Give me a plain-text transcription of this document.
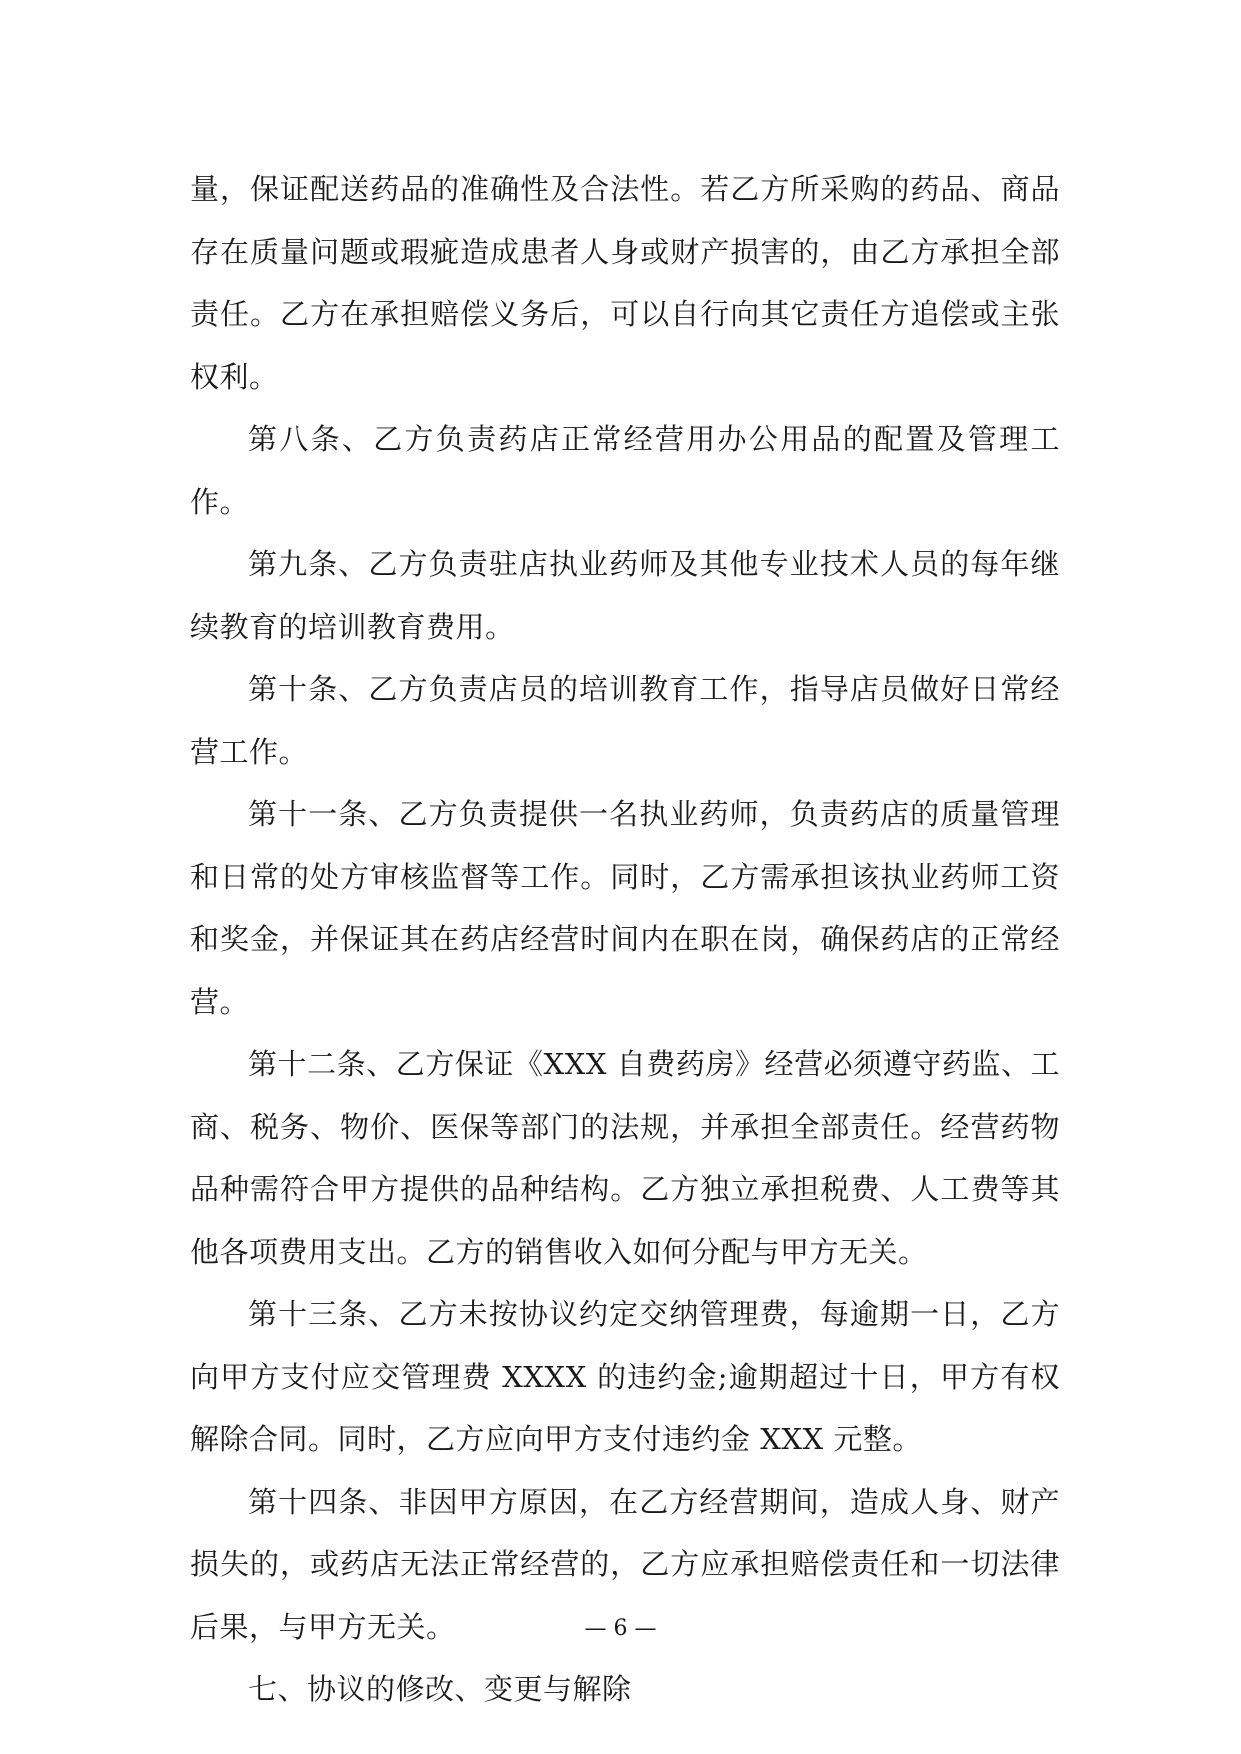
量，保证配送药品的准确性及合法性。若乙方所采购的药品、商品存在质量问题或瑕疵造成患者人身或财产损害的，由乙方承担全部责任。乙方在承担赔偿义务后，可以自行向其它责任方追偿或主张权利。

第八条、乙方负责药店正常经营用办公用品的配置及管理工作。

第九条、乙方负责驻店执业药师及其他专业技术人员的每年继续教育的培训教育费用。

第十条、乙方负责店员的培训教育工作，指导店员做好日常经营工作。

第十一条、乙方负责提供一名执业药师，负责药店的质量管理和日常的处方审核监督等工作。同时，乙方需承担该执业药师工资和奖金，并保证其在药店经营时间内在职在岗，确保药店的正常经营。

第十二条、乙方保证《XXX 自费药房》经营必须遵守药监、工商、税务、物价、医保等部门的法规，并承担全部责任。经营药物品种需符合甲方提供的品种结构。乙方独立承担税费、人工费等其他各项费用支出。乙方的销售收入如何分配与甲方无关。

第十三条、乙方未按协议约定交纳管理费，每逾期一日，乙方向甲方支付应交管理费 XXXX 的违约金;逾期超过十日，甲方有权解除合同。同时，乙方应向甲方支付违约金 XXX 元整。

第十四条、非因甲方原因，在乙方经营期间，造成人身、财产损失的，或药店无法正常经营的，乙方应承担赔偿责任和一切法律后果，与甲方无关。

七、协议的修改、变更与解除

— 6 —
